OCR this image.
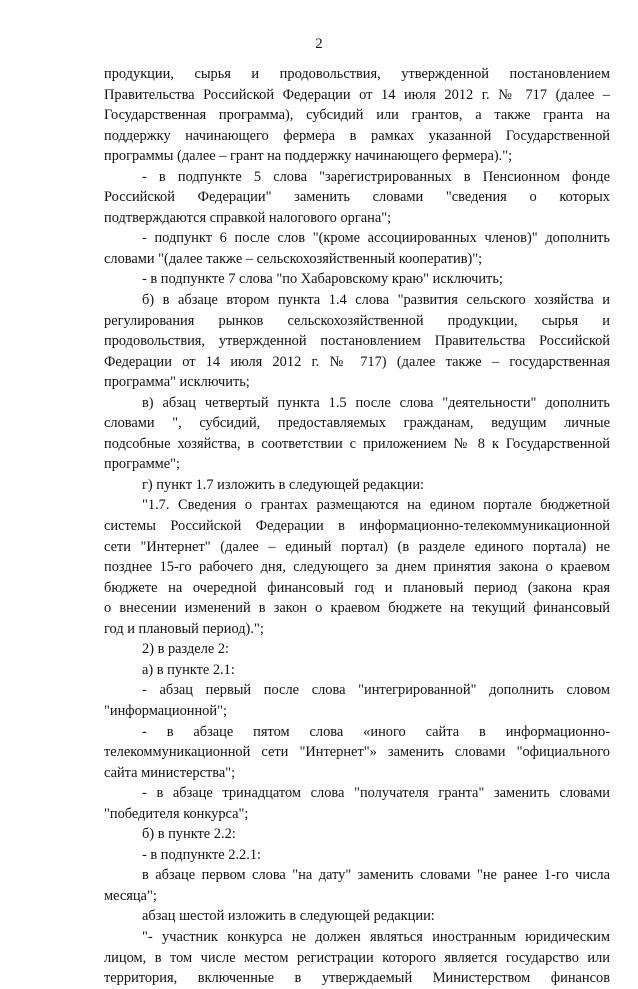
2
продукции, сырья и продовольствия, утвержденной постановлением
Правительства Российской Федерации от 14 июля 2012 г. № 717 (далее –
Государственная программа), субсидий или грантов, а также гранта на
поддержку начинающего фермера в рамках указанной Государственной
программы (далее – грант на поддержку начинающего фермера).";
- в подпункте 5 слова "зарегистрированных в Пенсионном фонде
Российской Федерации" заменить словами "сведения о которых
подтверждаются справкой налогового органа";
- подпункт 6 после слов "(кроме ассоциированных членов)" дополнить
словами "(далее также – сельскохозяйственный кооператив)";
- в подпункте 7 слова "по Хабаровскому краю" исключить;
б) в абзаце втором пункта 1.4 слова "развития сельского хозяйства и
регулирования рынков сельскохозяйственной продукции, сырья и
продовольствия, утвержденной постановлением Правительства Российской
Федерации от 14 июля 2012 г. № 717) (далее также – государственная
программа" исключить;
в) абзац четвертый пункта 1.5 после слова "деятельности" дополнить
словами ", субсидий, предоставляемых гражданам, ведущим личные
подсобные хозяйства, в соответствии с приложением № 8 к Государственной
программе";
г) пункт 1.7 изложить в следующей редакции:
"1.7. Сведения о грантах размещаются на едином портале бюджетной
системы Российской Федерации в информационно-телекоммуникационной
сети "Интернет" (далее – единый портал) (в разделе единого портала) не
позднее 15-го рабочего дня, следующего за днем принятия закона о краевом
бюджете на очередной финансовый год и плановый период (закона края
о внесении изменений в закон о краевом бюджете на текущий финансовый
год и плановый период).";
2) в разделе 2:
а) в пункте 2.1:
- абзац первый после слова "интегрированной" дополнить словом
"информационной";
- в абзаце пятом слова «иного сайта в информационно-
телекоммуникационной сети "Интернет"» заменить словами "официального
сайта министерства";
- в абзаце тринадцатом слова "получателя гранта" заменить словами
"победителя конкурса";
б) в пункте 2.2:
- в подпункте 2.2.1:
в абзаце первом слова "на дату" заменить словами "не ранее 1-го числа
месяца";
абзац шестой изложить в следующей редакции:
"- участник конкурса не должен являться иностранным юридическим
лицом, в том числе местом регистрации которого является государство или
территория, включенные в утверждаемый Министерством финансов
